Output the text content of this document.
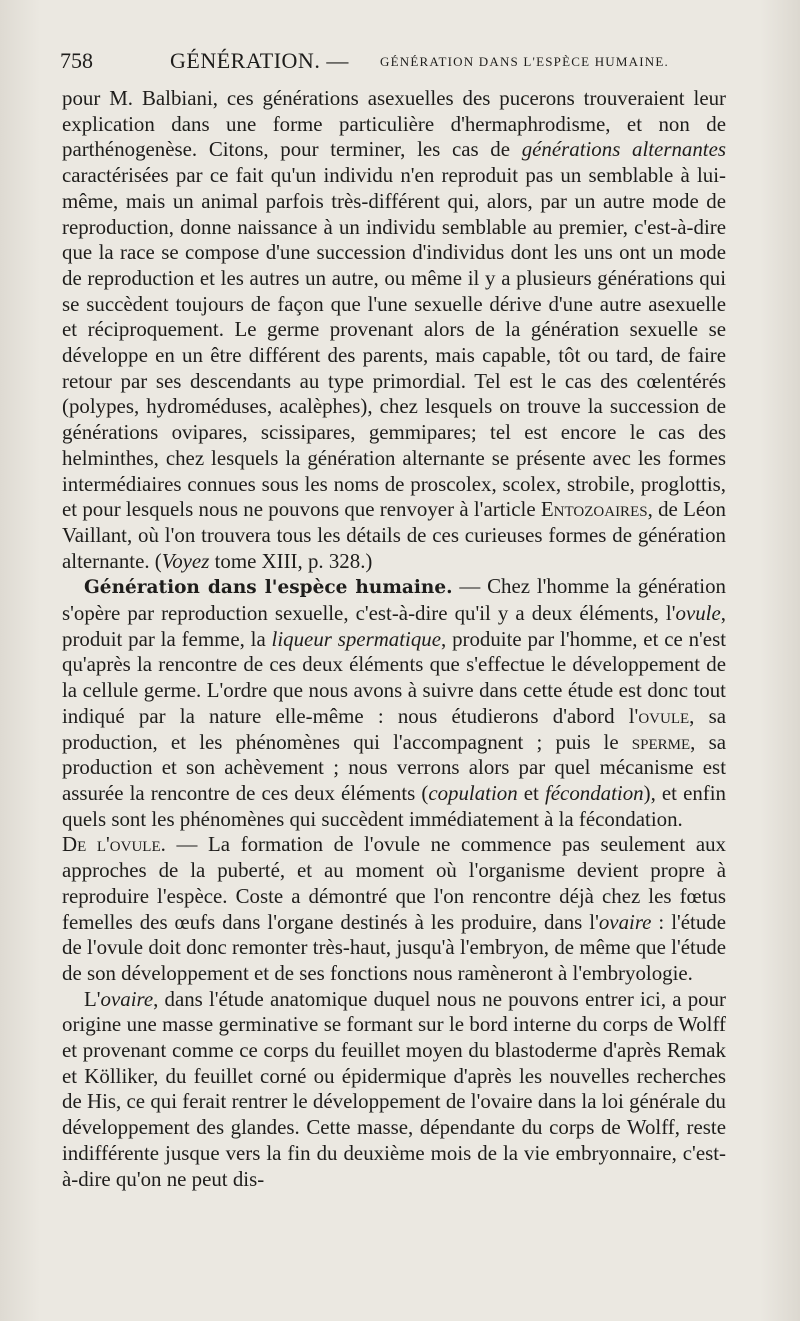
758	GÉNÉRATION. — GÉNÉRATION DANS L'ESPÈCE HUMAINE.

pour M. Balbiani, ces générations asexuelles des pucerons trouveraient leur explication dans une forme particulière d'hermaphrodisme, et non de parthénogenèse. Citons, pour terminer, les cas de générations alternantes caractérisées par ce fait qu'un individu n'en reproduit pas un semblable à lui-même, mais un animal parfois très-différent qui, alors, par un autre mode de reproduction, donne naissance à un individu semblable au premier, c'est-à-dire que la race se compose d'une succession d'individus dont les uns ont un mode de reproduction et les autres un autre, ou même il y a plusieurs générations qui se succèdent toujours de façon que l'une sexuelle dérive d'une autre asexuelle et réciproquement. Le germe provenant alors de la génération sexuelle se développe en un être différent des parents, mais capable, tôt ou tard, de faire retour par ses descendants au type primordial. Tel est le cas des cœlentérés (polypes, hydroméduses, acalèphes), chez lesquels on trouve la succession de générations ovipares, scissipares, gemmipares; tel est encore le cas des helminthes, chez lesquels la génération alternante se présente avec les formes intermédiaires connues sous les noms de proscolex, scolex, strobile, proglottis, et pour lesquels nous ne pouvons que renvoyer à l'article Entozoaires, de Léon Vaillant, où l'on trouvera tous les détails de ces curieuses formes de génération alternante. (Voyez tome XIII, p. 328.)

Génération dans l'espèce humaine. — Chez l'homme la génération s'opère par reproduction sexuelle, c'est-à-dire qu'il y a deux éléments, l'ovule, produit par la femme, la liqueur spermatique, produite par l'homme, et ce n'est qu'après la rencontre de ces deux éléments que s'effectue le développement de la cellule germe. L'ordre que nous avons à suivre dans cette étude est donc tout indiqué par la nature elle-même : nous étudierons d'abord l'ovule, sa production, et les phénomènes qui l'accompagnent ; puis le sperme, sa production et son achèvement ; nous verrons alors par quel mécanisme est assurée la rencontre de ces deux éléments (copulation et fécondation), et enfin quels sont les phénomènes qui succèdent immédiatement à la fécondation.

De l'ovule. — La formation de l'ovule ne commence pas seulement aux approches de la puberté, et au moment où l'organisme devient propre à reproduire l'espèce. Coste a démontré que l'on rencontre déjà chez les fœtus femelles des œufs dans l'organe destinés à les produire, dans l'ovaire : l'étude de l'ovule doit donc remonter très-haut, jusqu'à l'embryon, de même que l'étude de son développement et de ses fonctions nous ramèneront à l'embryologie.

L'ovaire, dans l'étude anatomique duquel nous ne pouvons entrer ici, a pour origine une masse germinative se formant sur le bord interne du corps de Wolff et provenant comme ce corps du feuillet moyen du blastoderme d'après Remak et Kölliker, du feuillet corné ou épidermique d'après les nouvelles recherches de His, ce qui ferait rentrer le développement de l'ovaire dans la loi générale du développement des glandes. Cette masse, dépendante du corps de Wolff, reste indifférente jusque vers la fin du deuxième mois de la vie embryonnaire, c'est-à-dire qu'on ne peut dis-
